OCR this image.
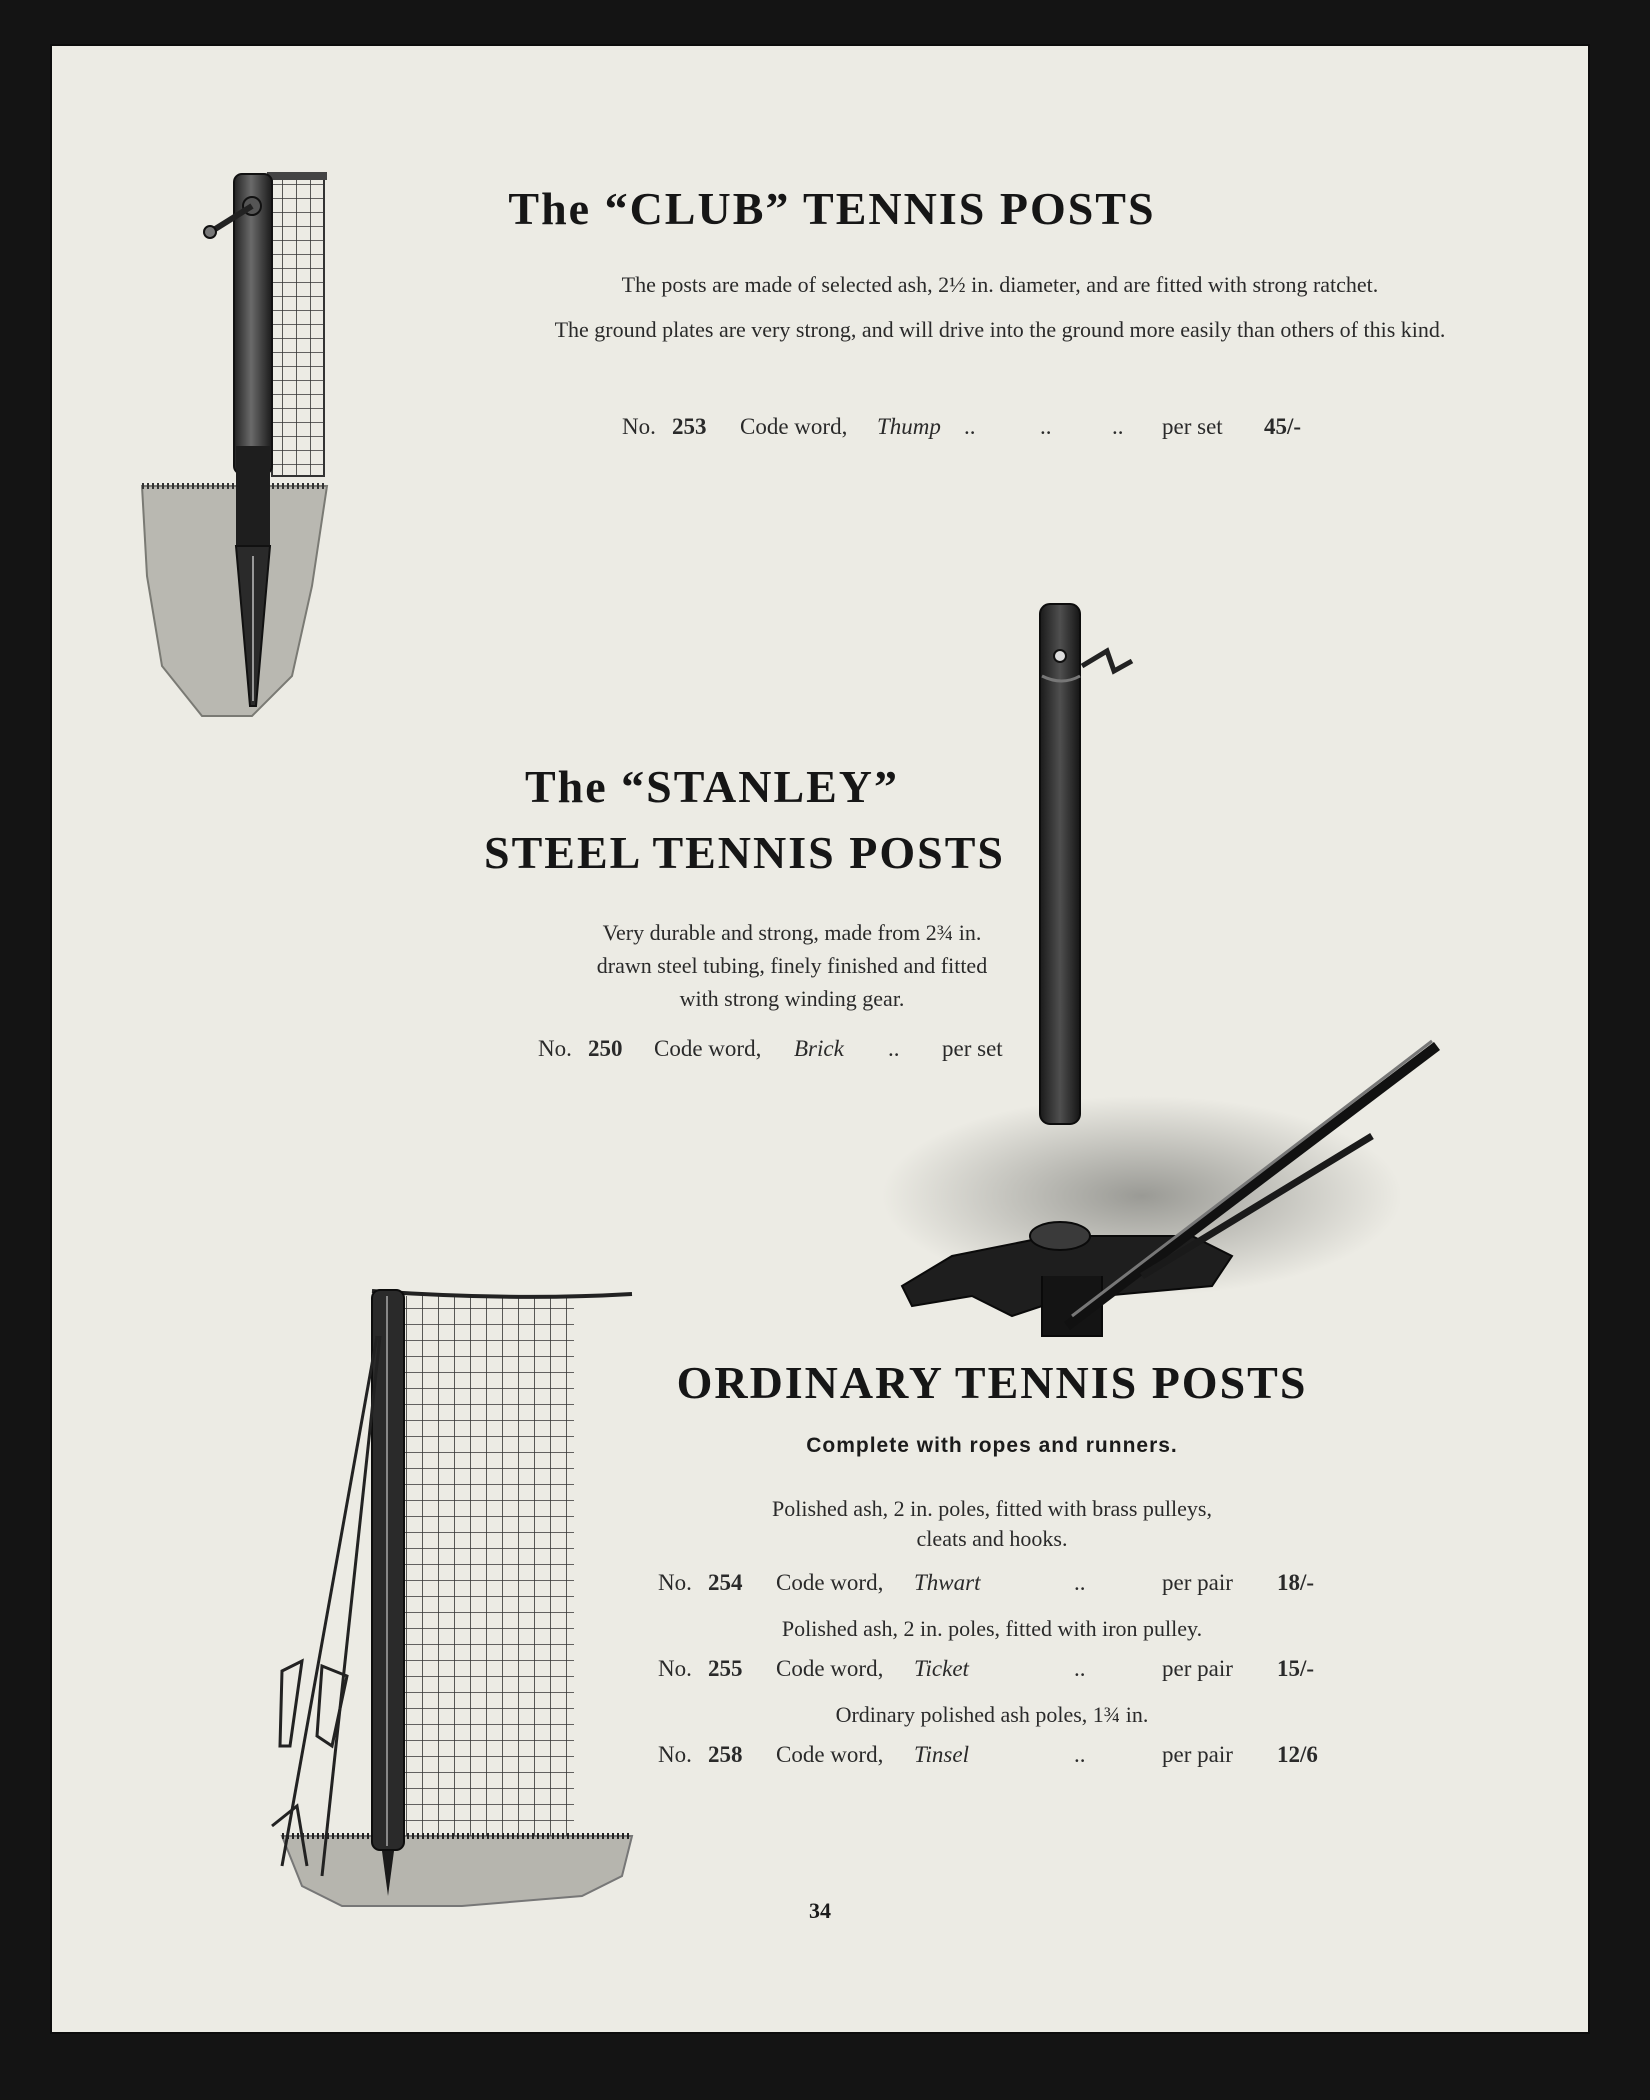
The “CLUB” TENNIS POSTS
The posts are made of selected ash, 2½ in. diameter, and are fitted with strong ratchet.
The ground plates are very strong, and will drive into the ground more easily than others of this kind.
No. 253 Code word, Thump ..	..	.. per set 45/-
The “STANLEY”
STEEL TENNIS POSTS
Very durable and strong, made from 2¾ in.
drawn steel tubing, finely finished and fitted
with strong winding gear.
No. 250 Code word, Brick .. per set
ORDINARY TENNIS POSTS
Complete with ropes and runners.
Polished ash, 2 in. poles, fitted with brass pulleys,
cleats and hooks.
No. 254 Code word, Thwart	..	per pair 18/-
Polished ash, 2 in. poles, fitted with iron pulley.
No. 255 Code word, Ticket	..	per pair 15/-
Ordinary polished ash poles, 1¾ in.
No. 258 Code word, Tinsel	..	per pair 12/6
34
